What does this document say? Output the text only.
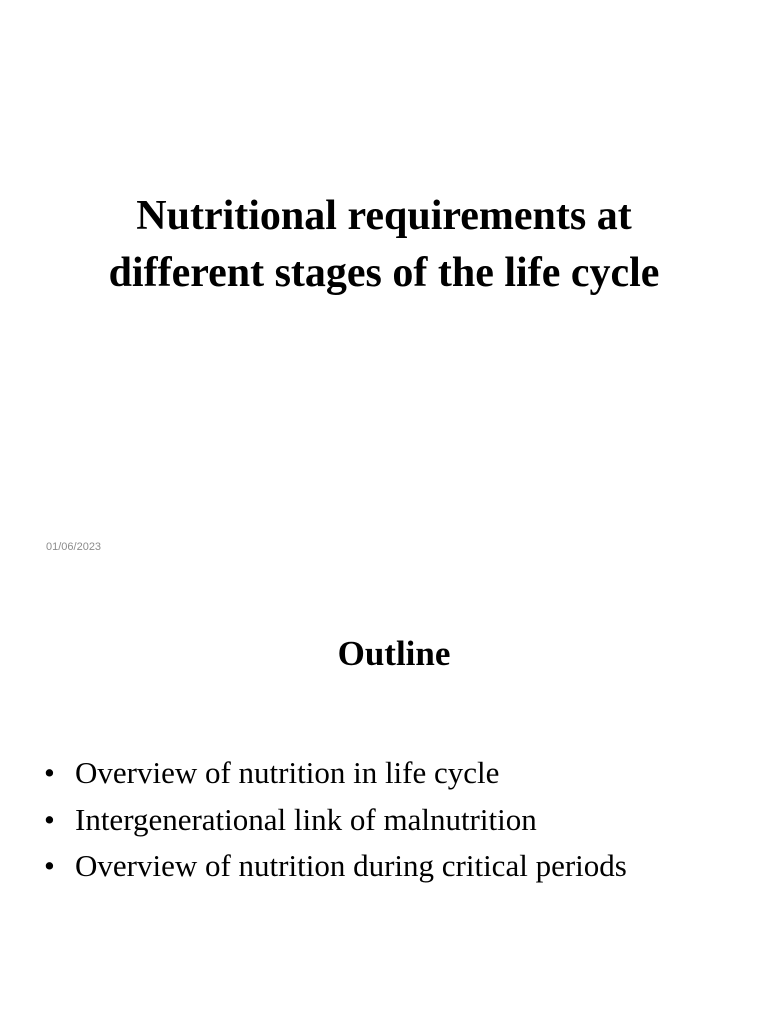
Nutritional requirements at
different stages of the life cycle
01/06/2023
Outline
• Overview of nutrition in life cycle
• Intergenerational link of malnutrition
• Overview of nutrition during critical periods
